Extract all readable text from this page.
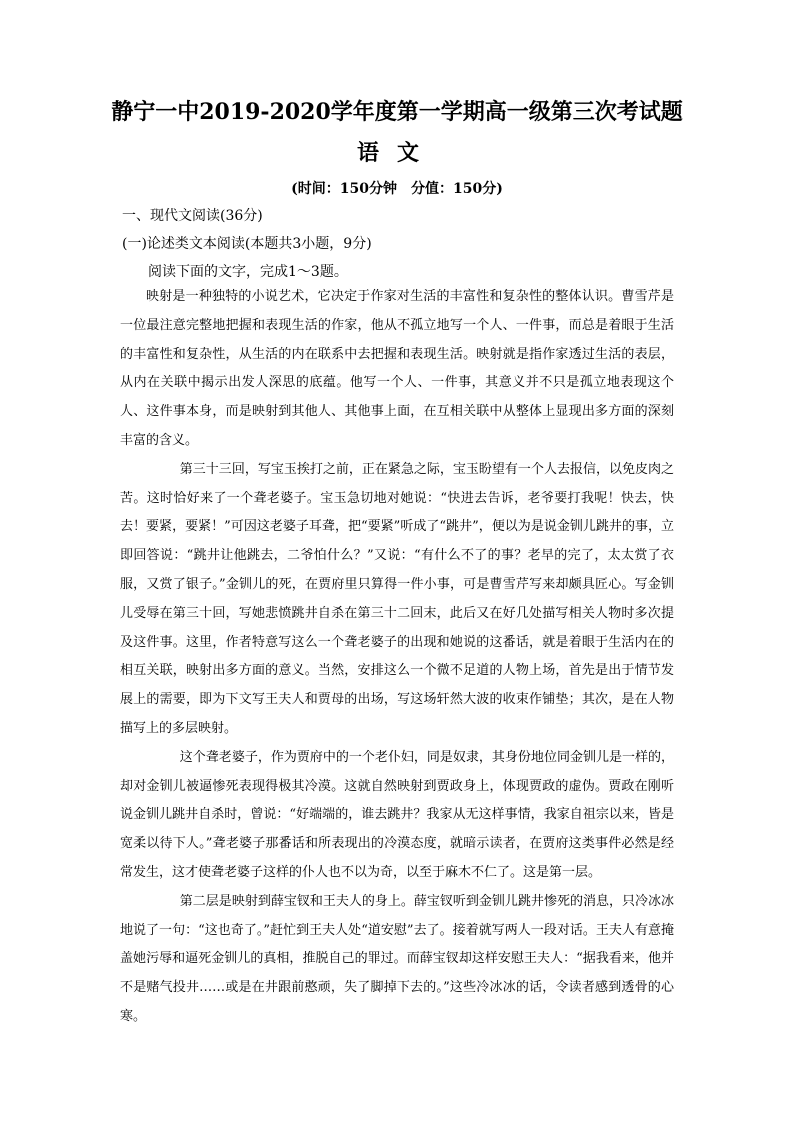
静宁一中2019-2020学年度第一学期高一级第三次考试题
语文
(时间：150分钟　分值：150分)
一、现代文阅读(36分)
(一)论述类文本阅读(本题共3小题，9分)
阅读下面的文字，完成1～3题。

映射是一种独特的小说艺术，它决定于作家对生活的丰富性和复杂性的整体认识。曹雪芹是一位最注意完整地把握和表现生活的作家，他从不孤立地写一个人、一件事，而总是着眼于生活的丰富性和复杂性，从生活的内在联系中去把握和表现生活。映射就是指作家透过生活的表层，从内在关联中揭示出发人深思的底蕴。他写一个人、一件事，其意义并不只是孤立地表现这个人、这件事本身，而是映射到其他人、其他事上面，在互相关联中从整体上显现出多方面的深刻丰富的含义。

第三十三回，写宝玉挨打之前，正在紧急之际，宝玉盼望有一个人去报信，以免皮肉之苦。这时恰好来了一个聋老婆子。宝玉急切地对她说：“快进去告诉，老爷要打我呢！快去，快去！要紧，要紧！”可因这老婆子耳聋，把“要紧”听成了“跳井”，便以为是说金钏儿跳井的事，立即回答说：“跳井让他跳去，二爷怕什么？”又说：“有什么不了的事？老早的完了，太太赏了衣服，又赏了银子。”金钏儿的死，在贾府里只算得一件小事，可是曹雪芹写来却颇具匠心。写金钏儿受辱在第三十回，写她悲愤跳井自杀在第三十二回末，此后又在好几处描写相关人物时多次提及这件事。这里，作者特意写这么一个聋老婆子的出现和她说的这番话，就是着眼于生活内在的相互关联，映射出多方面的意义。当然，安排这么一个微不足道的人物上场，首先是出于情节发展上的需要，即为下文写王夫人和贾母的出场，写这场轩然大波的收束作铺垫；其次，是在人物描写上的多层映射。

这个聋老婆子，作为贾府中的一个老仆妇，同是奴隶，其身份地位同金钏儿是一样的，却对金钏儿被逼惨死表现得极其冷漠。这就自然映射到贾政身上，体现贾政的虚伪。贾政在刚听说金钏儿跳井自杀时，曾说：“好端端的，谁去跳井？我家从无这样事情，我家自祖宗以来，皆是宽柔以待下人。”聋老婆子那番话和所表现出的冷漠态度，就暗示读者，在贾府这类事件必然是经常发生，这才使聋老婆子这样的仆人也不以为奇，以至于麻木不仁了。这是第一层。

第二层是映射到薛宝钗和王夫人的身上。薛宝钗听到金钏儿跳井惨死的消息，只冷冰冰地说了一句：“这也奇了。”赶忙到王夫人处“道安慰”去了。接着就写两人一段对话。王夫人有意掩盖她污辱和逼死金钏儿的真相，推脱自己的罪过。而薛宝钗却这样安慰王夫人：“据我看来，他并不是赌气投井……或是在井跟前憨顽，失了脚掉下去的。”这些冷冰冰的话，令读者感到透骨的心寒。
